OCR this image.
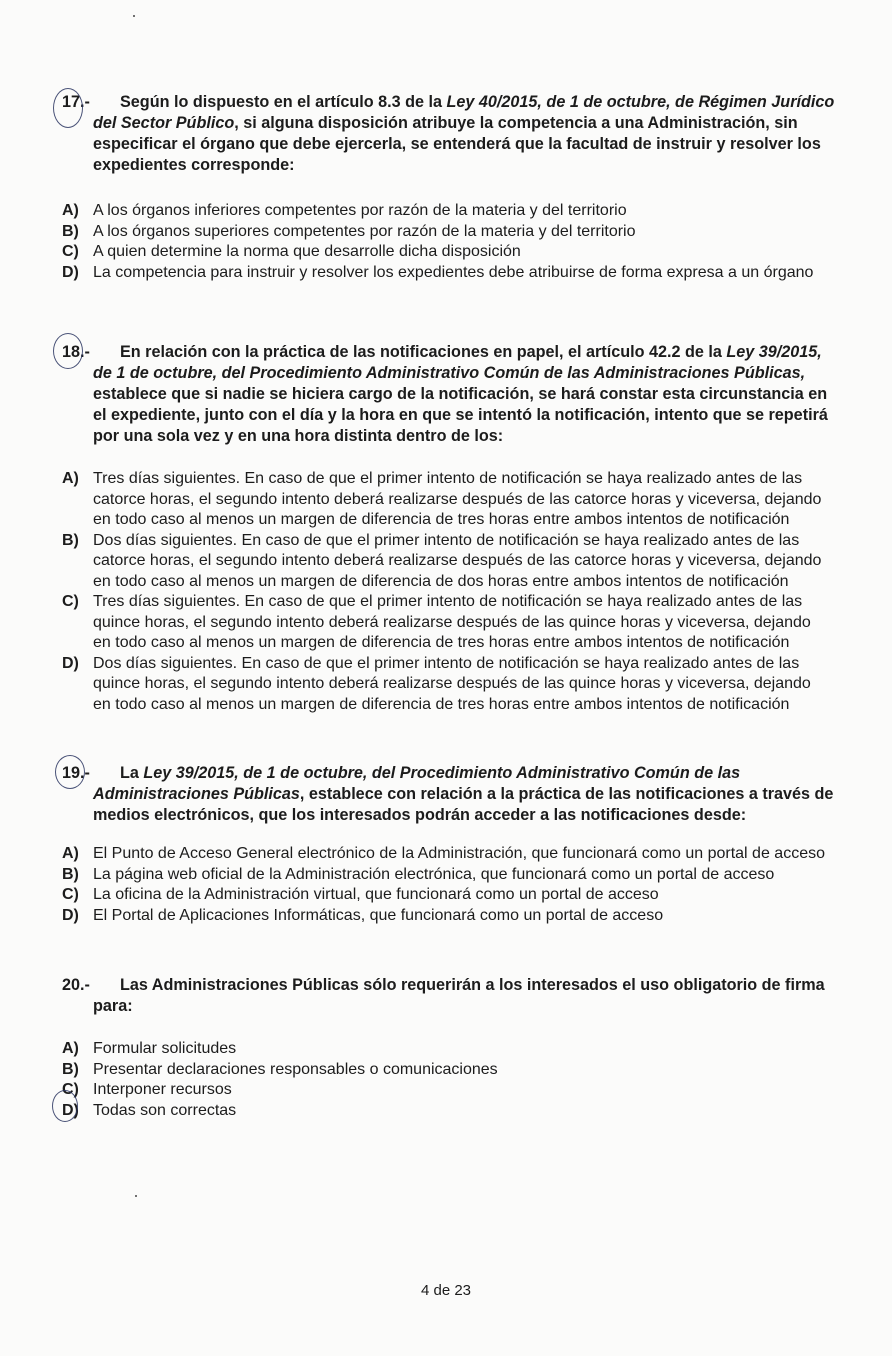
17.- Según lo dispuesto en el artículo 8.3 de la Ley 40/2015, de 1 de octubre, de Régimen Jurídico
del Sector Público, si alguna disposición atribuye la competencia a una Administración, sin
especificar el órgano que debe ejercerla, se entenderá que la facultad de instruir y resolver los
expedientes corresponde:
A) A los órganos inferiores competentes por razón de la materia y del territorio
B) A los órganos superiores competentes por razón de la materia y del territorio
C) A quien determine la norma que desarrolle dicha disposición
D) La competencia para instruir y resolver los expedientes debe atribuirse de forma expresa a un órgano
18.- En relación con la práctica de las notificaciones en papel, el artículo 42.2 de la Ley 39/2015,
de 1 de octubre, del Procedimiento Administrativo Común de las Administraciones Públicas,
establece que si nadie se hiciera cargo de la notificación, se hará constar esta circunstancia en
el expediente, junto con el día y la hora en que se intentó la notificación, intento que se repetirá
por una sola vez y en una hora distinta dentro de los:
A) Tres días siguientes. En caso de que el primer intento de notificación se haya realizado antes de las
catorce horas, el segundo intento deberá realizarse después de las catorce horas y viceversa, dejando
en todo caso al menos un margen de diferencia de tres horas entre ambos intentos de notificación
B) Dos días siguientes. En caso de que el primer intento de notificación se haya realizado antes de las
catorce horas, el segundo intento deberá realizarse después de las catorce horas y viceversa, dejando
en todo caso al menos un margen de diferencia de dos horas entre ambos intentos de notificación
C) Tres días siguientes. En caso de que el primer intento de notificación se haya realizado antes de las
quince horas, el segundo intento deberá realizarse después de las quince horas y viceversa, dejando
en todo caso al menos un margen de diferencia de tres horas entre ambos intentos de notificación
D) Dos días siguientes. En caso de que el primer intento de notificación se haya realizado antes de las
quince horas, el segundo intento deberá realizarse después de las quince horas y viceversa, dejando
en todo caso al menos un margen de diferencia de tres horas entre ambos intentos de notificación
19.- La Ley 39/2015, de 1 de octubre, del Procedimiento Administrativo Común de las
Administraciones Públicas, establece con relación a la práctica de las notificaciones a través de
medios electrónicos, que los interesados podrán acceder a las notificaciones desde:
A) El Punto de Acceso General electrónico de la Administración, que funcionará como un portal de acceso
B) La página web oficial de la Administración electrónica, que funcionará como un portal de acceso
C) La oficina de la Administración virtual, que funcionará como un portal de acceso
D) El Portal de Aplicaciones Informáticas, que funcionará como un portal de acceso
20.- Las Administraciones Públicas sólo requerirán a los interesados el uso obligatorio de firma
para:
A) Formular solicitudes
B) Presentar declaraciones responsables o comunicaciones
C) Interponer recursos
D) Todas son correctas
4 de 23
